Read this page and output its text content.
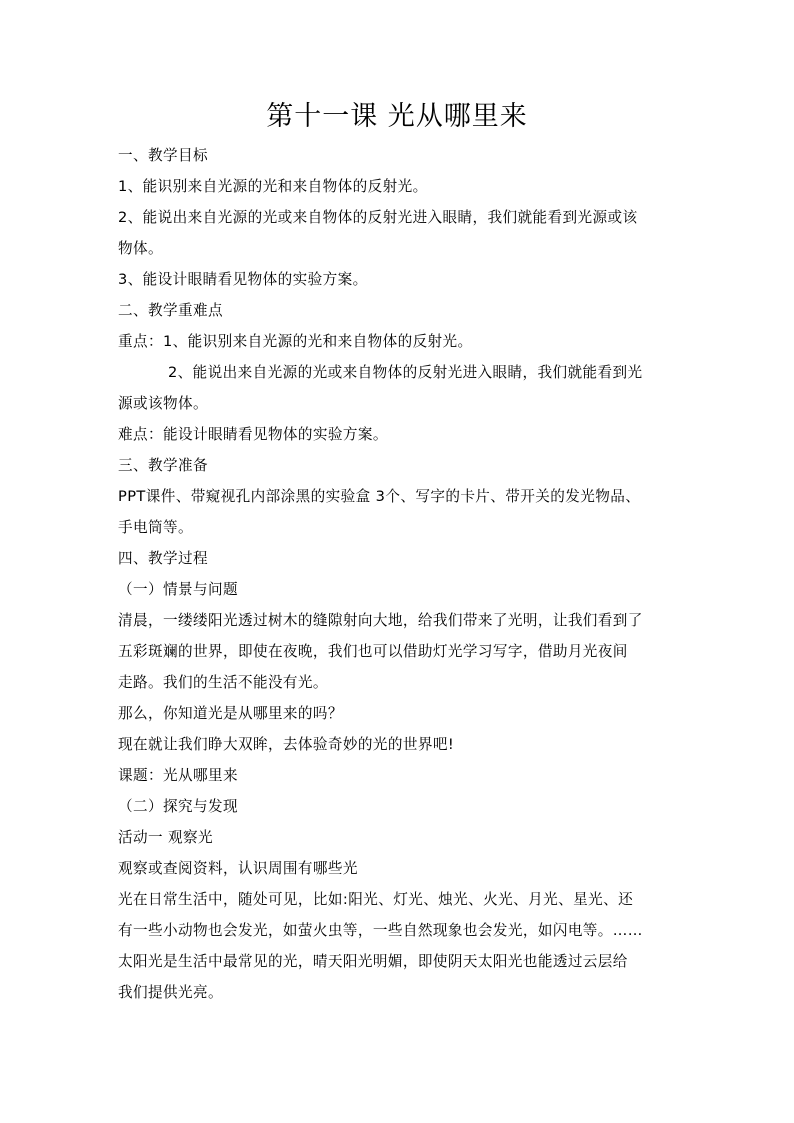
第十一课 光从哪里来
一、教学目标
1、能识别来自光源的光和来自物体的反射光。
2、能说出来自光源的光或来自物体的反射光进入眼睛，我们就能看到光源或该
物体。
3、能设计眼睛看见物体的实验方案。
二、教学重难点
重点：1、能识别来自光源的光和来自物体的反射光。
2、能说出来自光源的光或来自物体的反射光进入眼睛，我们就能看到光
源或该物体。
难点：能设计眼睛看见物体的实验方案。
三、教学准备
PPT课件、带窥视孔内部涂黑的实验盒 3个、写字的卡片、带开关的发光物品、
手电筒等。
四、教学过程
（一）情景与问题
清晨，一缕缕阳光透过树木的缝隙射向大地，给我们带来了光明，让我们看到了
五彩斑斓的世界，即使在夜晚，我们也可以借助灯光学习写字，借助月光夜间
走路。我们的生活不能没有光。
那么，你知道光是从哪里来的吗？
现在就让我们睁大双眸，去体验奇妙的光的世界吧!
课题：光从哪里来
（二）探究与发现
活动一 观察光
观察或查阅资料，认识周围有哪些光
光在日常生活中，随处可见，比如:阳光、灯光、烛光、火光、月光、星光、还
有一些小动物也会发光，如萤火虫等，一些自然现象也会发光，如闪电等。……
太阳光是生活中最常见的光，晴天阳光明媚，即使阴天太阳光也能透过云层给
我们提供光亮。
